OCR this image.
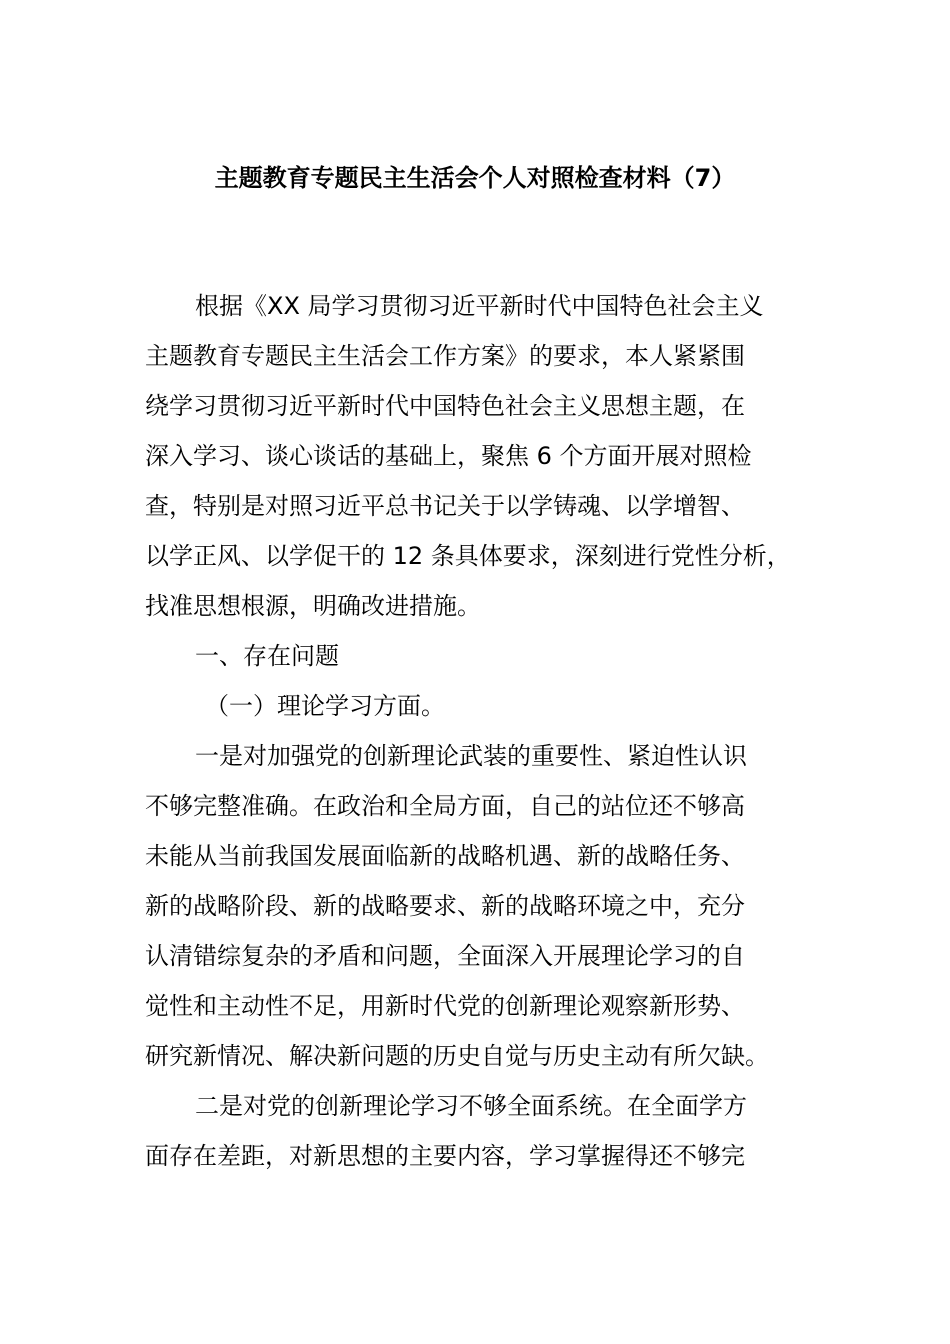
主题教育专题民主生活会个人对照检查材料（7）
根据《XX 局学习贯彻习近平新时代中国特色社会主义
主题教育专题民主生活会工作方案》的要求，本人紧紧围
绕学习贯彻习近平新时代中国特色社会主义思想主题，在
深入学习、谈心谈话的基础上，聚焦 6 个方面开展对照检
查，特别是对照习近平总书记关于以学铸魂、以学增智、
以学正风、以学促干的 12 条具体要求，深刻进行党性分析，
找准思想根源，明确改进措施。
一、存在问题
（一）理论学习方面。
一是对加强党的创新理论武装的重要性、紧迫性认识
不够完整准确。在政治和全局方面，自己的站位还不够高
未能从当前我国发展面临新的战略机遇、新的战略任务、
新的战略阶段、新的战略要求、新的战略环境之中，充分
认清错综复杂的矛盾和问题，全面深入开展理论学习的自
觉性和主动性不足，用新时代党的创新理论观察新形势、
研究新情况、解决新问题的历史自觉与历史主动有所欠缺。
二是对党的创新理论学习不够全面系统。在全面学方
面存在差距，对新思想的主要内容，学习掌握得还不够完
